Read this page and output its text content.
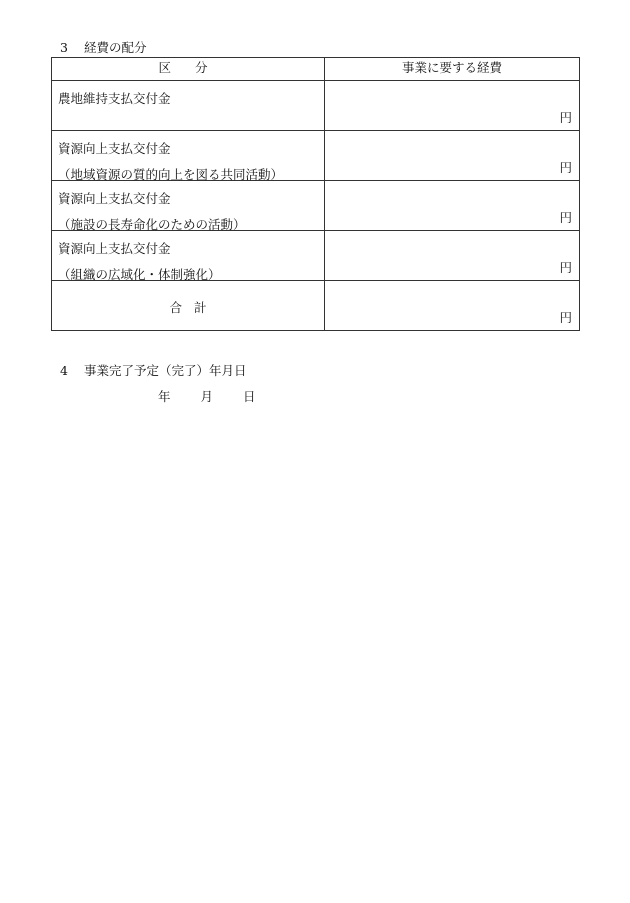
3 経費の配分
区 分	事業に要する経費

農地維持支払交付金	円

資源向上支払交付金
（地域資源の質的向上を図る共同活動）	円

資源向上支払交付金
（施設の長寿命化のための活動）	円

資源向上支払交付金
（組織の広域化・体制強化）	円

合計	円
4 事業完了予定（完了）年月日
年 月 日
